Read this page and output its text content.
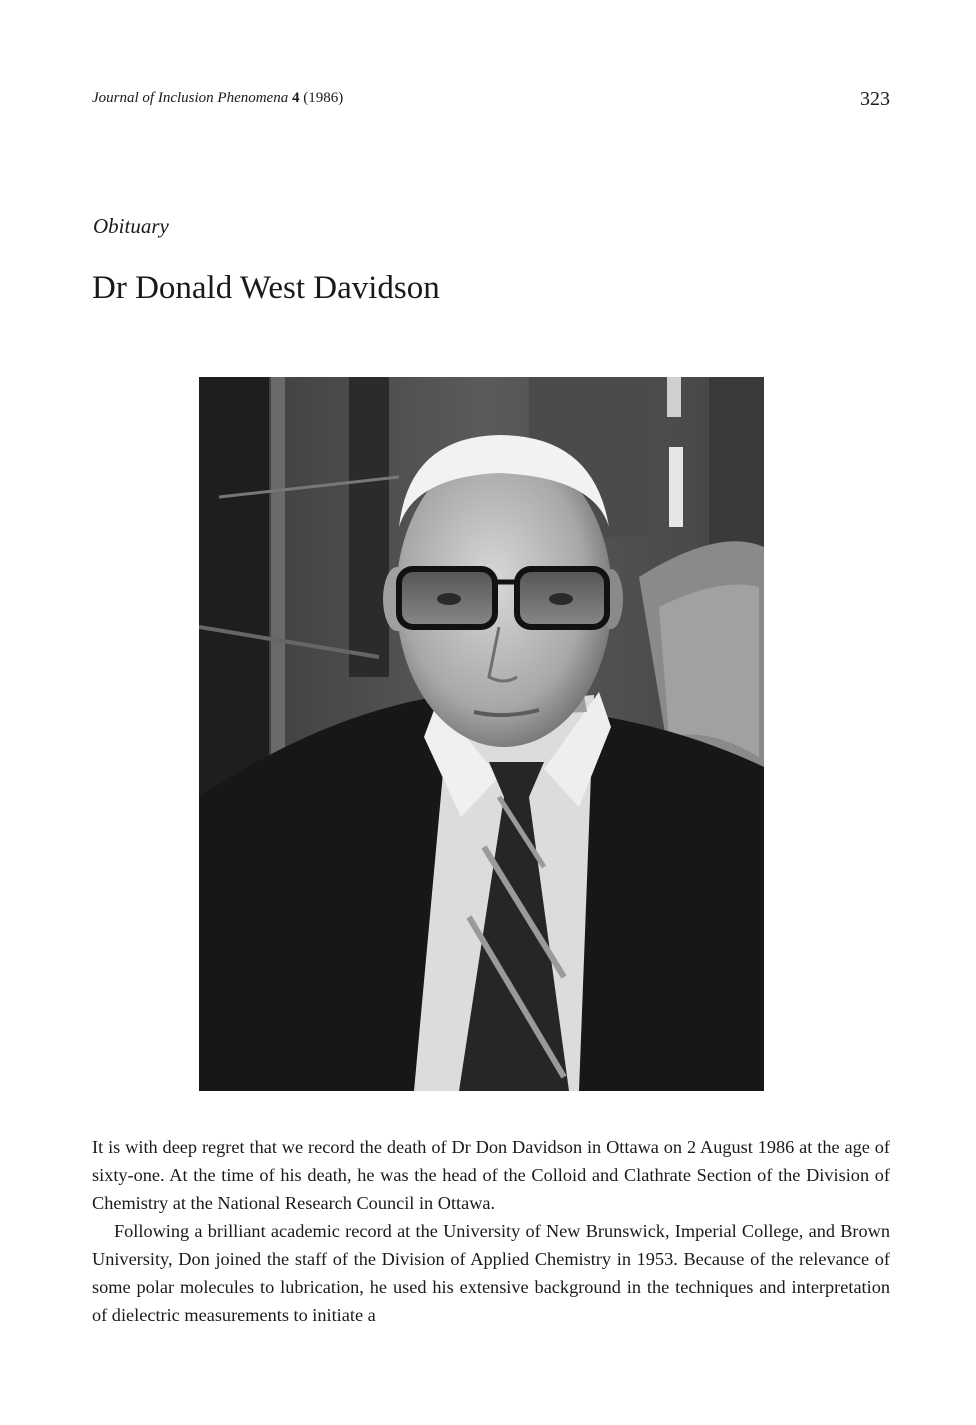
Journal of Inclusion Phenomena 4 (1986)	323
Obituary
Dr Donald West Davidson

It is with deep regret that we record the death of Dr Don Davidson in Ottawa on 2 August 1986 at the age of sixty-one. At the time of his death, he was the head of the Colloid and Clathrate Section of the Division of Chemistry at the National Research Council in Ottawa.

Following a brilliant academic record at the University of New Brunswick, Imperial College, and Brown University, Don joined the staff of the Division of Applied Chemistry in 1953. Because of the relevance of some polar molecules to lubrication, he used his extensive background in the techniques and interpretation of dielectric measurements to initiate a
